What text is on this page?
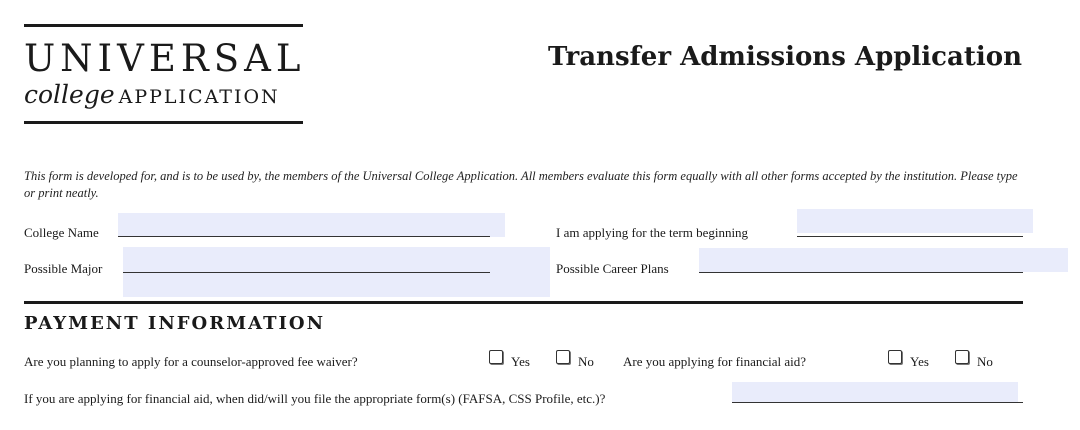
UNIVERSAL
college APPLICATION
Transfer Admissions Application
This form is developed for, and is to be used by, the members of the Universal College Application. All members evaluate this form equally with all other forms accepted by the institution. Please type or print neatly.
College Name	I am applying for the term beginning
Possible Major	Possible Career Plans
PAYMENT INFORMATION
Are you planning to apply for a counselor-approved fee waiver?	Yes	No Are you applying for financial aid?	Yes	No
If you are applying for financial aid, when did/will you file the appropriate form(s) (FAFSA, CSS Profile, etc.)?
